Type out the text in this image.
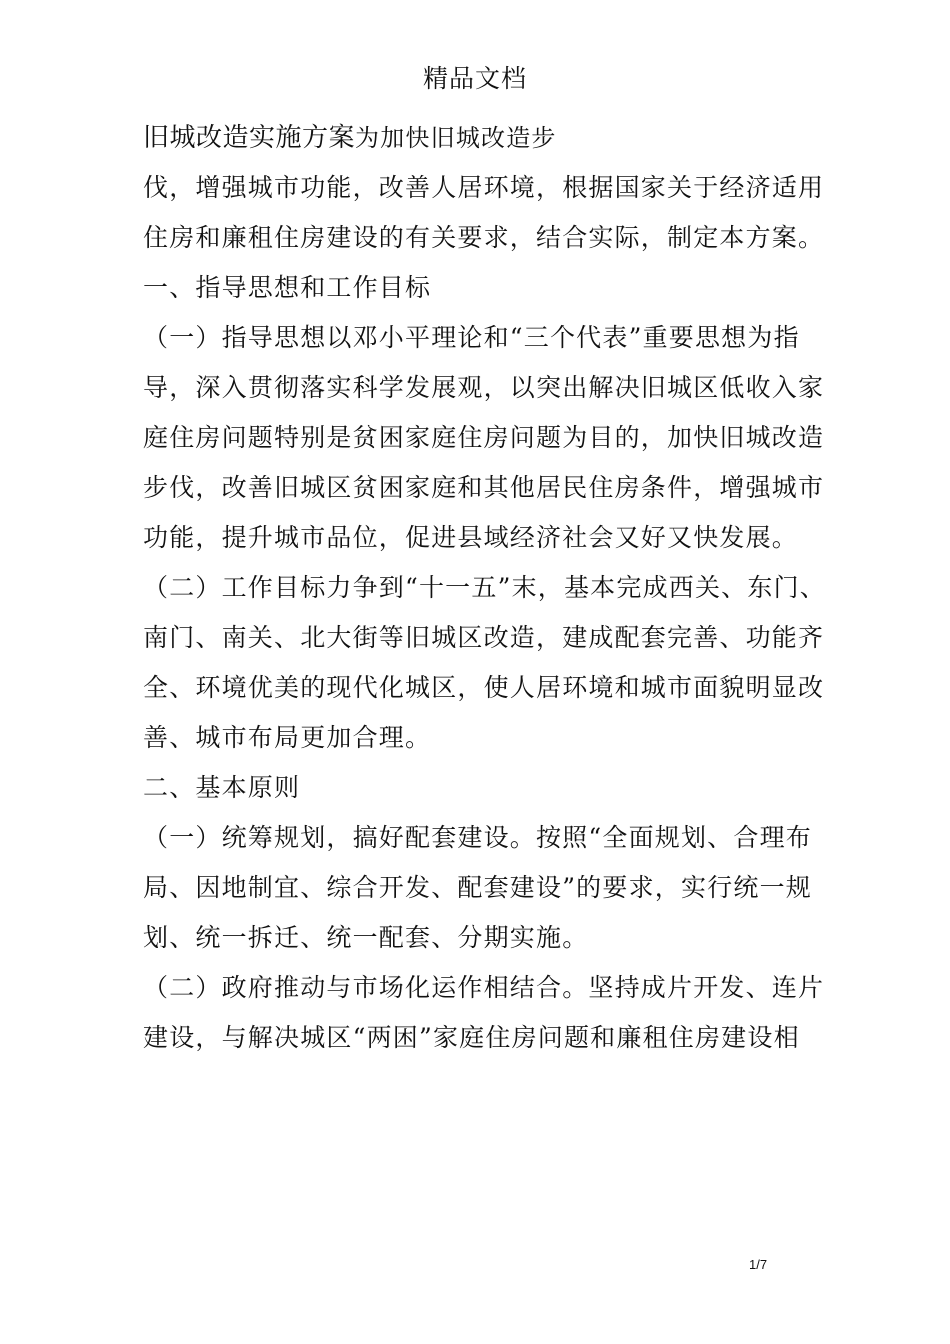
精品文档

旧城改造实施方案为加快旧城改造步

伐，增强城市功能，改善人居环境，根据国家关于经济适用住房和廉租住房建设的有关要求，结合实际，制定本方案。

一、指导思想和工作目标

（一）指导思想以邓小平理论和“三个代表”重要思想为指导，深入贯彻落实科学发展观，以突出解决旧城区低收入家庭住房问题特别是贫困家庭住房问题为目的，加快旧城改造步伐，改善旧城区贫困家庭和其他居民住房条件，增强城市功能，提升城市品位，促进县域经济社会又好又快发展。

（二）工作目标力争到“十一五”末，基本完成西关、东门、南门、南关、北大街等旧城区改造，建成配套完善、功能齐全、环境优美的现代化城区，使人居环境和城市面貌明显改善、城市布局更加合理。

二、基本原则

（一）统筹规划，搞好配套建设。按照“全面规划、合理布局、因地制宜、综合开发、配套建设”的要求，实行统一规划、统一拆迁、统一配套、分期实施。

（二）政府推动与市场化运作相结合。坚持成片开发、连片建设，与解决城区“两困”家庭住房问题和廉租住房建设相

1/7
